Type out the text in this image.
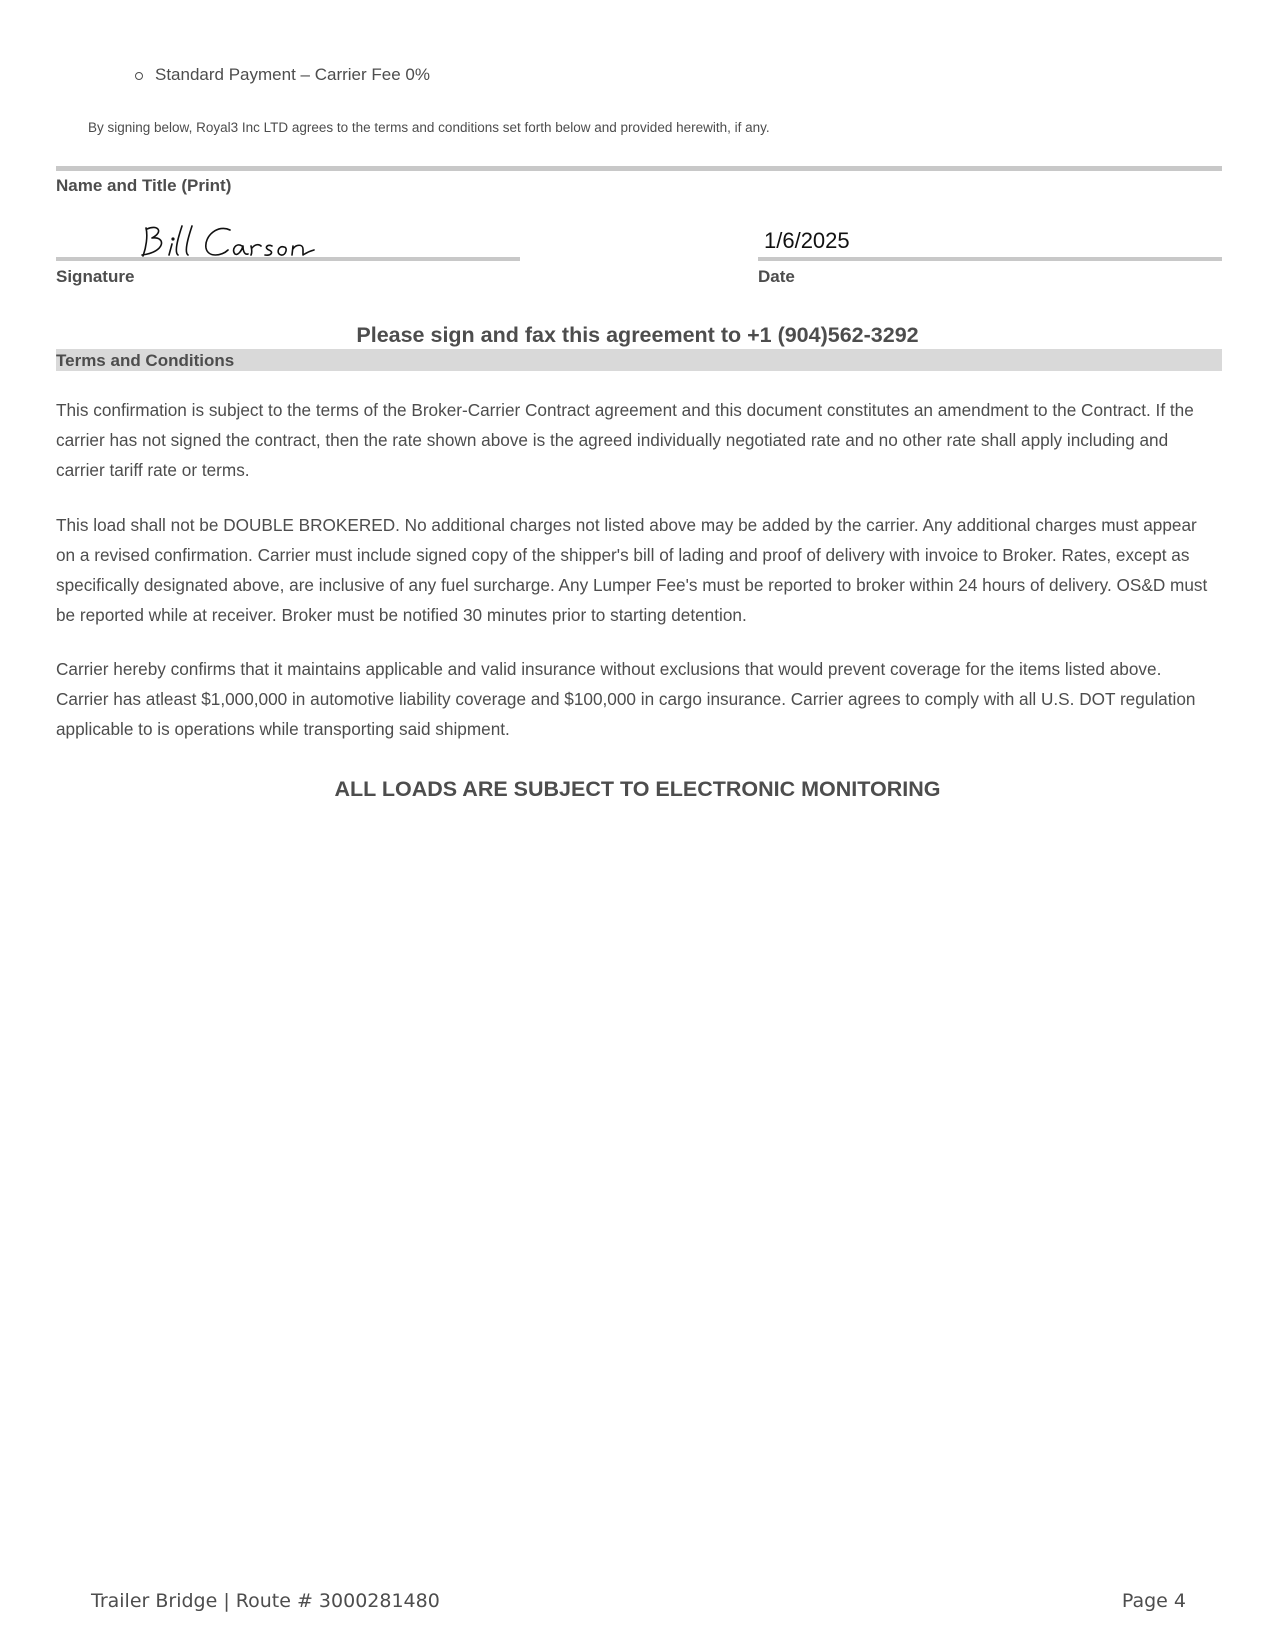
Standard Payment – Carrier Fee 0%
By signing below, Royal3 Inc LTD agrees to the terms and conditions set forth below and provided herewith, if any.
Name and Title (Print)
1/6/2025
Signature	Date
Please sign and fax this agreement to +1 (904)562-3292
Terms and Conditions

This confirmation is subject to the terms of the Broker-Carrier Contract agreement and this document constitutes an amendment to the Contract. If the carrier has not signed the contract, then the rate shown above is the agreed individually negotiated rate and no other rate shall apply including and carrier tariff rate or terms.

This load shall not be DOUBLE BROKERED. No additional charges not listed above may be added by the carrier. Any additional charges must appear on a revised confirmation. Carrier must include signed copy of the shipper's bill of lading and proof of delivery with invoice to Broker. Rates, except as specifically designated above, are inclusive of any fuel surcharge. Any Lumper Fee's must be reported to broker within 24 hours of delivery. OS&D must be reported while at receiver. Broker must be notified 30 minutes prior to starting detention.

Carrier hereby confirms that it maintains applicable and valid insurance without exclusions that would prevent coverage for the items listed above. Carrier has atleast $1,000,000 in automotive liability coverage and $100,000 in cargo insurance. Carrier agrees to comply with all U.S. DOT regulation applicable to is operations while transporting said shipment.

ALL LOADS ARE SUBJECT TO ELECTRONIC MONITORING
Trailer Bridge | Route # 3000281480	Page 4
